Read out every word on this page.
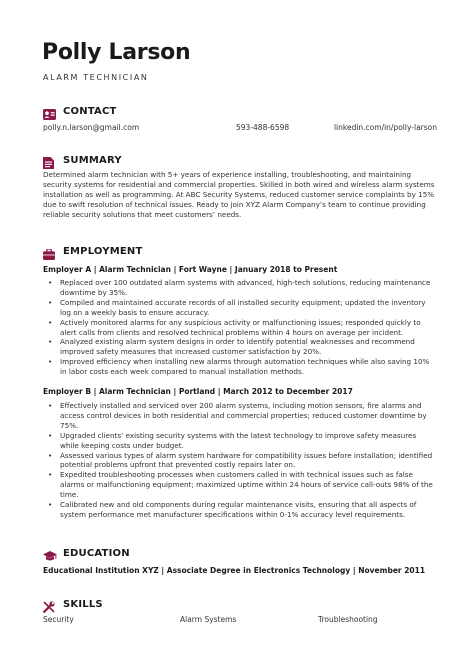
Polly Larson
ALARM TECHNICIAN
CONTACT
polly.n.larson@gmail.com	593-488-6598	linkedin.com/in/polly-larson
SUMMARY

Determined alarm technician with 5+ years of experience installing, troubleshooting, and maintaining security systems for residential and commercial properties. Skilled in both wired and wireless alarm systems installation as well as programming. At ABC Security Systems, reduced customer service complaints by 15% due to swift resolution of technical issues. Ready to join XYZ Alarm Company’s team to continue providing reliable security solutions that meet customers’ needs.

EMPLOYMENT
Employer A | Alarm Technician | Fort Wayne | January 2018 to Present
• Replaced over 100 outdated alarm systems with advanced, high-tech solutions, reducing maintenance downtime by 35%.
• Compiled and maintained accurate records of all installed security equipment; updated the inventory log on a weekly basis to ensure accuracy.
• Actively monitored alarms for any suspicious activity or malfunctioning issues; responded quickly to alert calls from clients and resolved technical problems within 4 hours on average per incident.
• Analyzed existing alarm system designs in order to identify potential weaknesses and recommend improved safety measures that increased customer satisfaction by 20%.
• Improved efficiency when installing new alarms through automation techniques while also saving 10% in labor costs each week compared to manual installation methods.
Employer B | Alarm Technician | Portland | March 2012 to December 2017
• Effectively installed and serviced over 200 alarm systems, including motion sensors, fire alarms and access control devices in both residential and commercial properties; reduced customer downtime by 75%.
• Upgraded clients’ existing security systems with the latest technology to improve safety measures while keeping costs under budget.
• Assessed various types of alarm system hardware for compatibility issues before installation; identified potential problems upfront that prevented costly repairs later on.
• Expedited troubleshooting processes when customers called in with technical issues such as false alarms or malfunctioning equipment; maximized uptime within 24 hours of service call-outs 98% of the time.
• Calibrated new and old components during regular maintenance visits, ensuring that all aspects of system performance met manufacturer specifications within 0-1% accuracy level requirements.
EDUCATION
Educational Institution XYZ | Associate Degree in Electronics Technology | November 2011
SKILLS
Security	Alarm Systems	Troubleshooting
